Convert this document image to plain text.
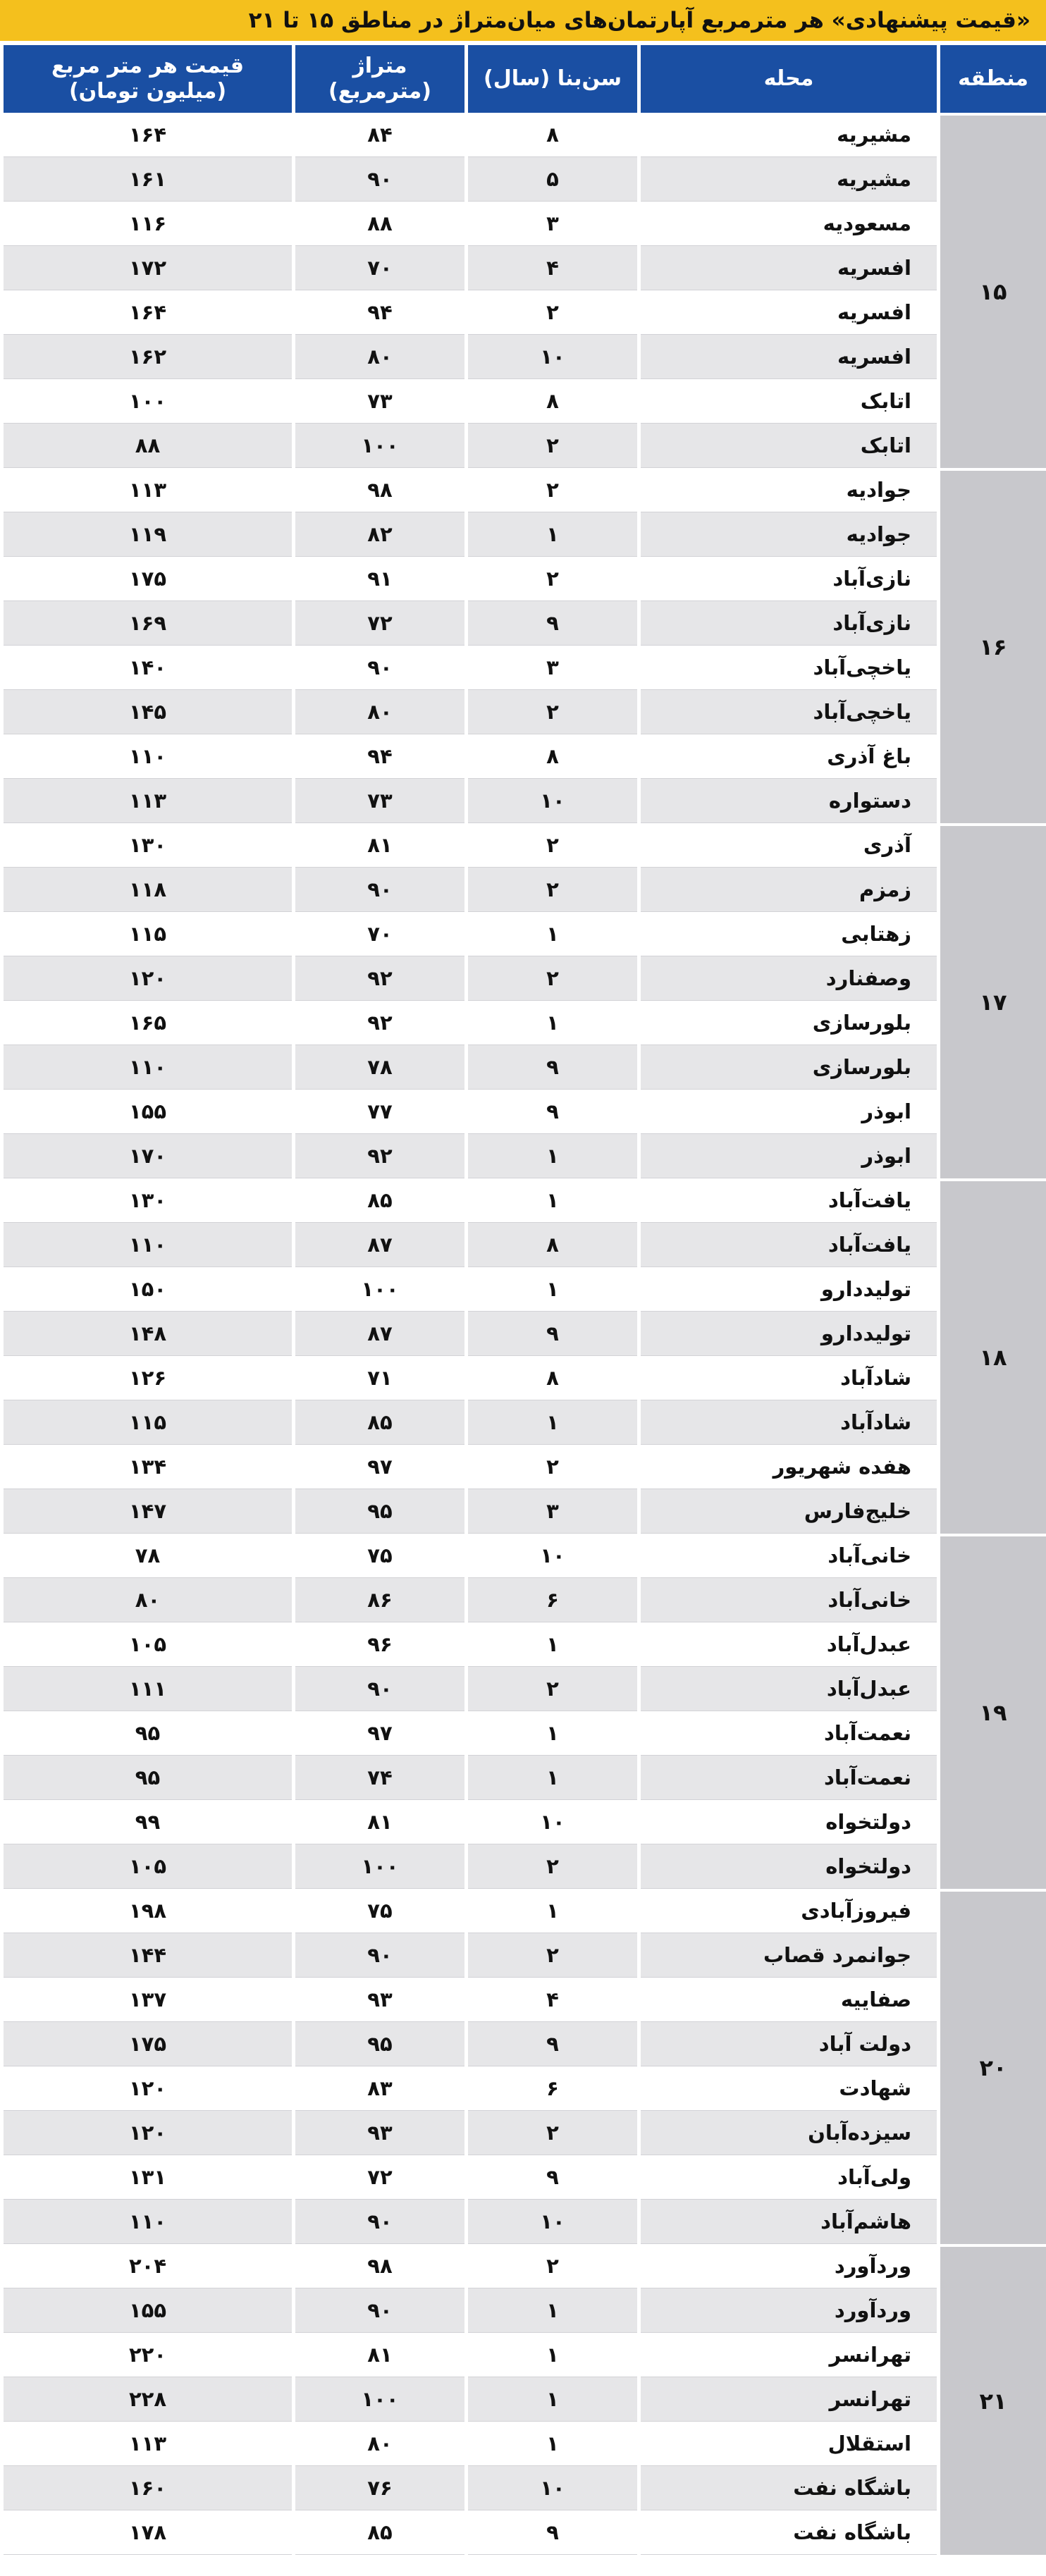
«قیمت پیشنهادی» هر مترمربع آپارتمان‌های میان‌متراژ در مناطق ۱۵ تا ۲۱
منطقه	محله	سن‌بنا (سال)	متراژ (مترمربع)	قیمت هر متر مربع (میلیون تومان)
۱۵	مشیریه	۸	۸۴	۱۶۴
	مشیریه	۵	۹۰	۱۶۱
	مسعودیه	۳	۸۸	۱۱۶
	افسریه	۴	۷۰	۱۷۲
	افسریه	۲	۹۴	۱۶۴
	افسریه	۱۰	۸۰	۱۶۲
	اتابک	۸	۷۳	۱۰۰
	اتابک	۲	۱۰۰	۸۸
۱۶	جوادیه	۲	۹۸	۱۱۳
	جوادیه	۱	۸۲	۱۱۹
	نازی‌آباد	۲	۹۱	۱۷۵
	نازی‌آباد	۹	۷۲	۱۶۹
	یاخچی‌آباد	۳	۹۰	۱۴۰
	یاخچی‌آباد	۲	۸۰	۱۴۵
	باغ آذری	۸	۹۴	۱۱۰
	دستواره	۱۰	۷۳	۱۱۳
۱۷	آذری	۲	۸۱	۱۳۰
	زمزم	۲	۹۰	۱۱۸
	زهتابی	۱	۷۰	۱۱۵
	وصفنارد	۲	۹۲	۱۲۰
	بلورسازی	۱	۹۲	۱۶۵
	بلورسازی	۹	۷۸	۱۱۰
	ابوذر	۹	۷۷	۱۵۵
	ابوذر	۱	۹۲	۱۷۰
۱۸	یافت‌آباد	۱	۸۵	۱۳۰
	یافت‌آباد	۸	۸۷	۱۱۰
	تولیددارو	۱	۱۰۰	۱۵۰
	تولیددارو	۹	۸۷	۱۴۸
	شادآباد	۸	۷۱	۱۲۶
	شادآباد	۱	۸۵	۱۱۵
	هفده شهریور	۲	۹۷	۱۳۴
	خلیج‌فارس	۳	۹۵	۱۴۷
۱۹	خانی‌آباد	۱۰	۷۵	۷۸
	خانی‌آباد	۶	۸۶	۸۰
	عبدل‌آباد	۱	۹۶	۱۰۵
	عبدل‌آباد	۲	۹۰	۱۱۱
	نعمت‌آباد	۱	۹۷	۹۵
	نعمت‌آباد	۱	۷۴	۹۵
	دولتخواه	۱۰	۸۱	۹۹
	دولتخواه	۲	۱۰۰	۱۰۵
۲۰	فیروزآبادی	۱	۷۵	۱۹۸
	جوانمرد قصاب	۲	۹۰	۱۴۴
	صفاییه	۴	۹۳	۱۳۷
	دولت آباد	۹	۹۵	۱۷۵
	شهادت	۶	۸۳	۱۲۰
	سیزده‌آبان	۲	۹۳	۱۲۰
	ولی‌آباد	۹	۷۲	۱۳۱
	هاشم‌آباد	۱۰	۹۰	۱۱۰
۲۱	وردآورد	۲	۹۸	۲۰۴
	وردآورد	۱	۹۰	۱۵۵
	تهرانسر	۱	۸۱	۲۲۰
	تهرانسر	۱	۱۰۰	۲۲۸
	استقلال	۱	۸۰	۱۱۳
	باشگاه نفت	۱۰	۷۶	۱۶۰
	باشگاه نفت	۹	۸۵	۱۷۸
